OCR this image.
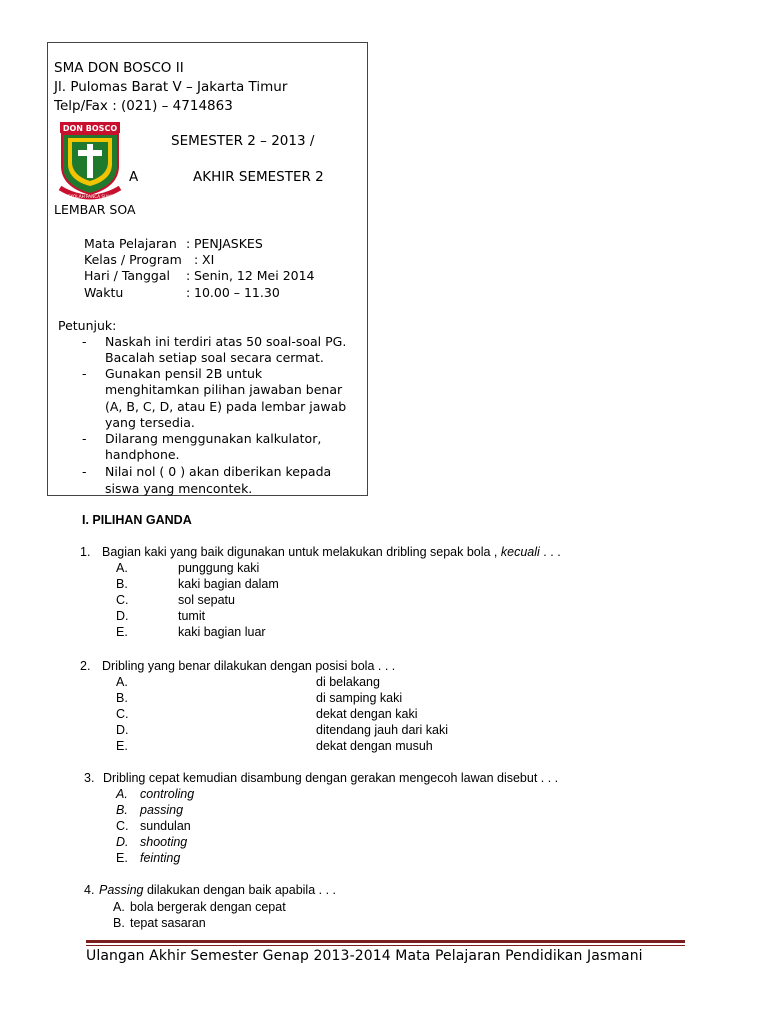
SMA DON BOSCO II
Jl. Pulomas Barat V – Jakarta Timur
Telp/Fax : (021) – 4714863
DON BOSCO
SEKOLAH PANCA SIAKSI
SEMESTER 2 – 2013 /
A	AKHIR SEMESTER 2
LEMBAR SOA
Mata Pelajaran : PENJASKES
Kelas / Program : XI
Hari / Tanggal : Senin, 12 Mei 2014
Waktu	: 10.00 – 11.30
Petunjuk:
- Naskah ini terdiri atas 50 soal-soal PG.
Bacalah setiap soal secara cermat.
- Gunakan pensil 2B untuk
menghitamkan pilihan jawaban benar
(A, B, C, D, atau E) pada lembar jawab
yang tersedia.
- Dilarang menggunakan kalkulator,
handphone.
- Nilai nol ( 0 ) akan diberikan kepada
siswa yang mencontek.
I. PILIHAN GANDA
1. Bagian kaki yang baik digunakan untuk melakukan dribling sepak bola , kecuali . . .
A.	punggung kaki
B.	kaki bagian dalam
C.	sol sepatu
D.	tumit
E.	kaki bagian luar
2. Dribling yang benar dilakukan dengan posisi bola . . .
A.	di belakang
B.	di samping kaki
C.	dekat dengan kaki
D.	ditendang jauh dari kaki
E.	dekat dengan musuh
3. Dribling cepat kemudian disambung dengan gerakan mengecoh lawan disebut . . .
A. controling
B. passing
C. sundulan
D. shooting
E. feinting
4. Passing dilakukan dengan baik apabila . . .
A. bola bergerak dengan cepat
B. tepat sasaran
Ulangan Akhir Semester Genap 2013-2014 Mata Pelajaran Pendidikan Jasmani
